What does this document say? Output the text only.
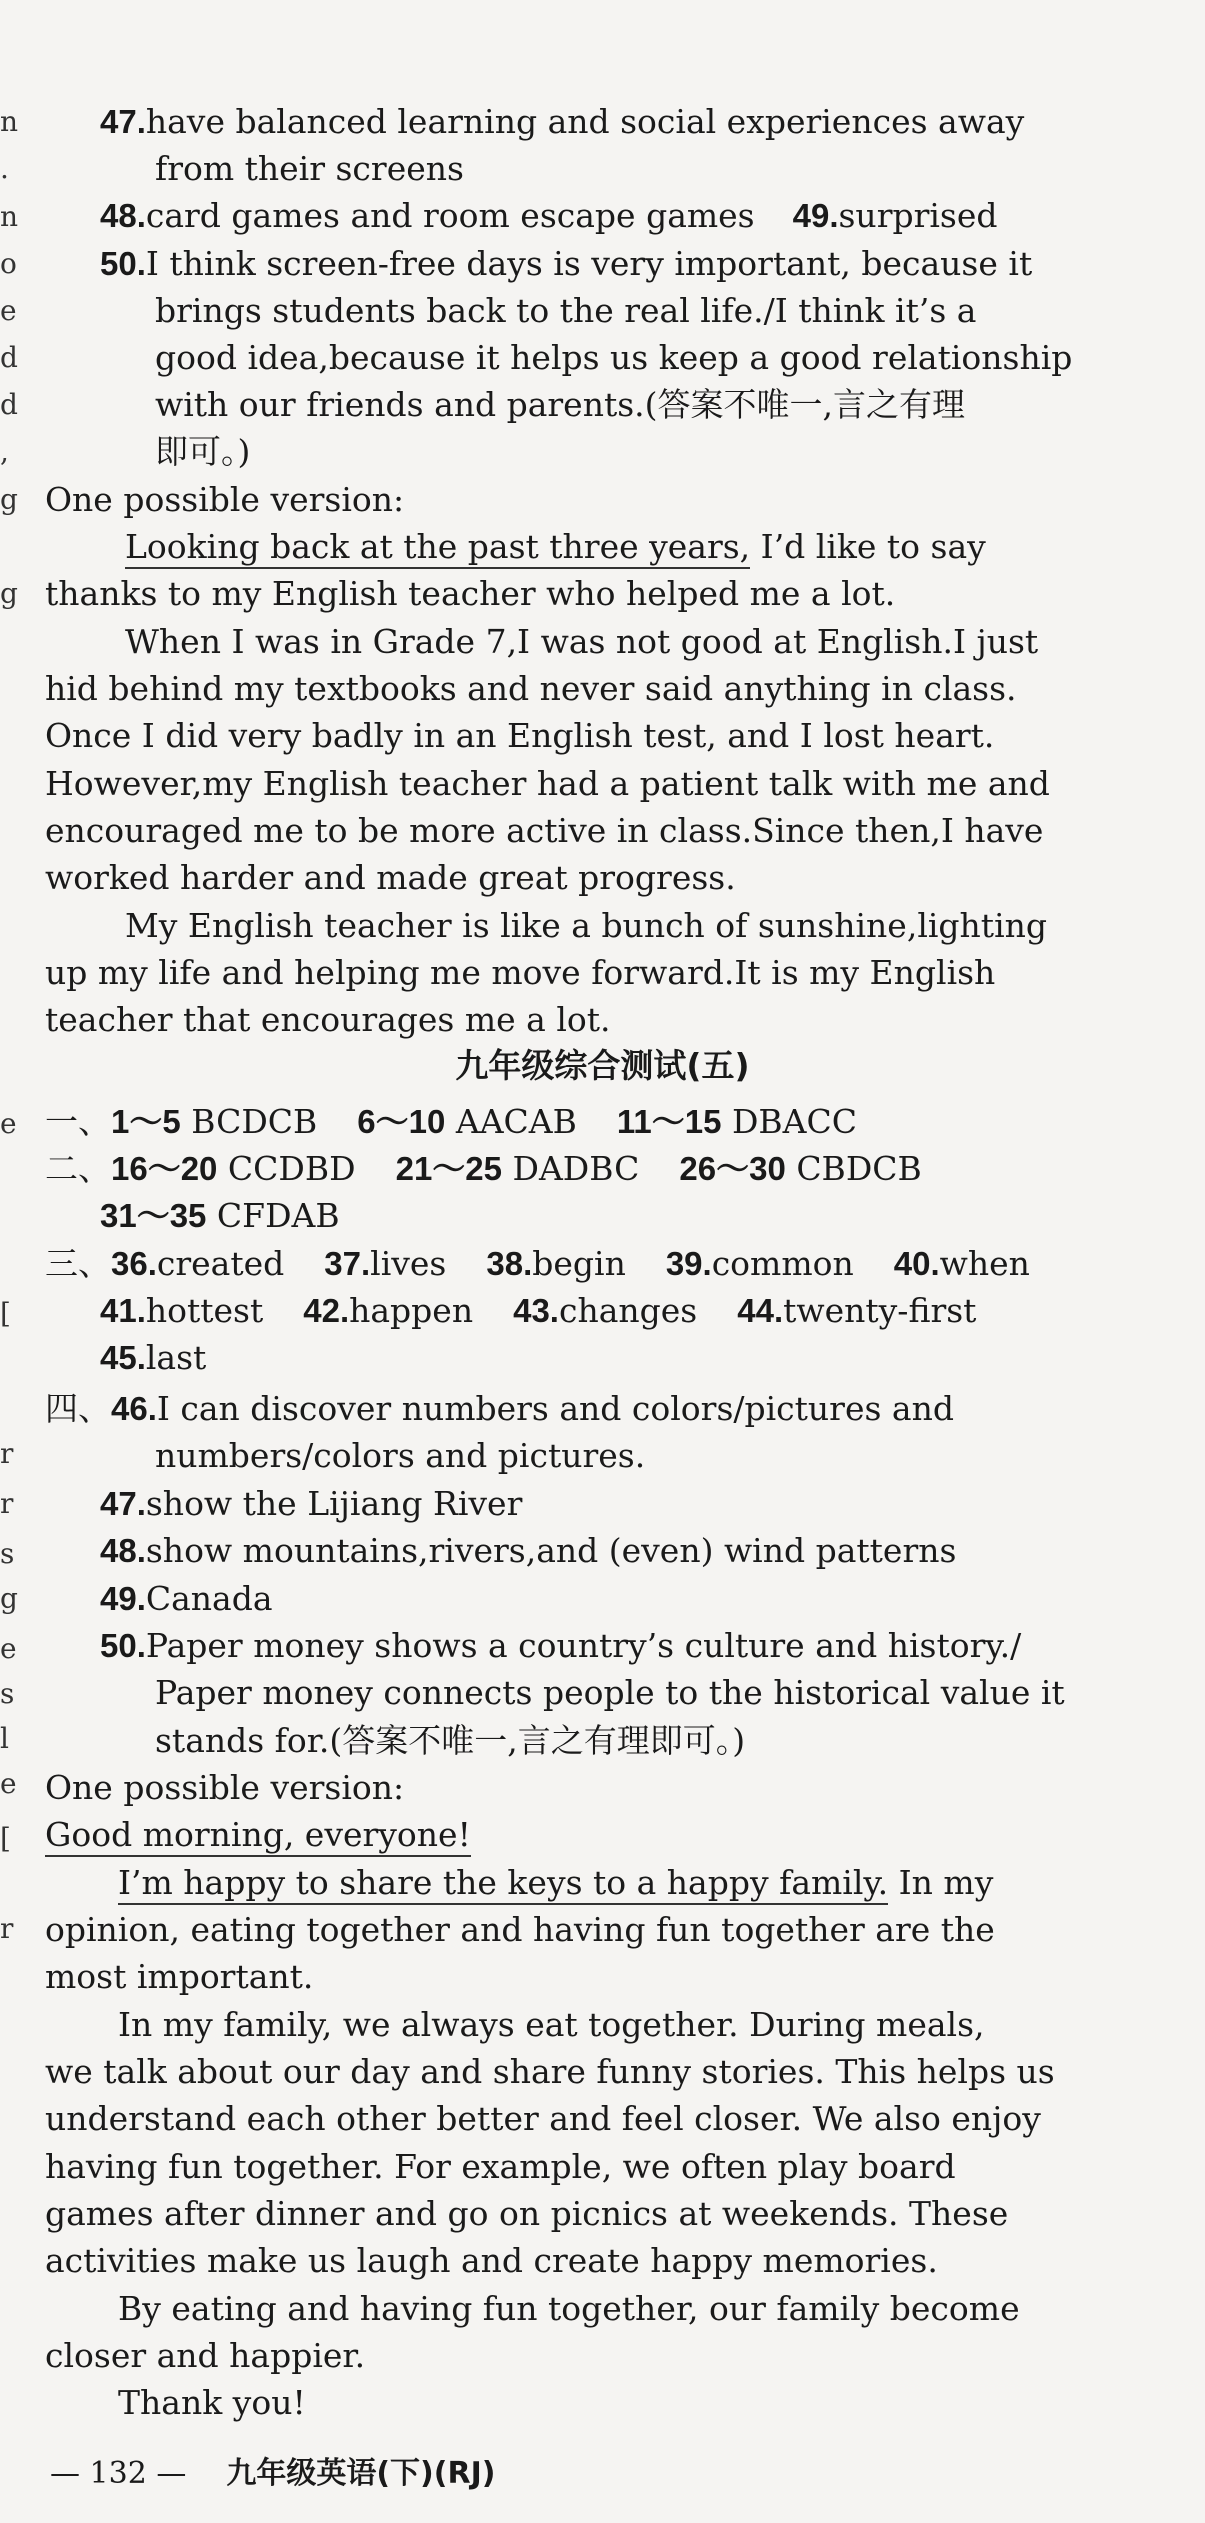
n
.
n
o
e
d
d
,
g
g
e
[
r
r
s
g
e
s
l
e
[
r
47.have balanced learning and social experiences away
from their screens
48.card games and room escape games 49.surprised
50.I think screen-free days is very important, because it
brings students back to the real life./I think it’s a
good idea,because it helps us keep a good relationship
with our friends and parents.(答案不唯一,言之有理
即可。)
One possible version:
Looking back at the past three years, I’d like to say
thanks to my English teacher who helped me a lot.
When I was in Grade 7,I was not good at English.I just
hid behind my textbooks and never said anything in class.
Once I did very badly in an English test, and I lost heart.
However,my English teacher had a patient talk with me and
encouraged me to be more active in class.Since then,I have
worked harder and made great progress.
My English teacher is like a bunch of sunshine,lighting
up my life and helping me move forward.It is my English
teacher that encourages me a lot.
九年级综合测试(五)
一、1～5 BCDCB 6～10 AACAB 11～15 DBACC
二、16～20 CCDBD 21～25 DADBC 26～30 CBDCB
31～35 CFDAB
三、36.created 37.lives 38.begin 39.common 40.when
41.hottest 42.happen 43.changes 44.twenty-first
45.last
四、46.I can discover numbers and colors/pictures and
numbers/colors and pictures.
47.show the Lijiang River
48.show mountains,rivers,and (even) wind patterns
49.Canada
50.Paper money shows a country’s culture and history./
Paper money connects people to the historical value it
stands for.(答案不唯一,言之有理即可。)
One possible version:
Good morning, everyone!
I’m happy to share the keys to a happy family. In my
opinion, eating together and having fun together are the
most important.
In my family, we always eat together. During meals,
we talk about our day and share funny stories. This helps us
understand each other better and feel closer. We also enjoy
having fun together. For example, we often play board
games after dinner and go on picnics at weekends. These
activities make us laugh and create happy memories.
By eating and having fun together, our family become
closer and happier.
Thank you!
— 132 — 九年级英语(下)(RJ)
